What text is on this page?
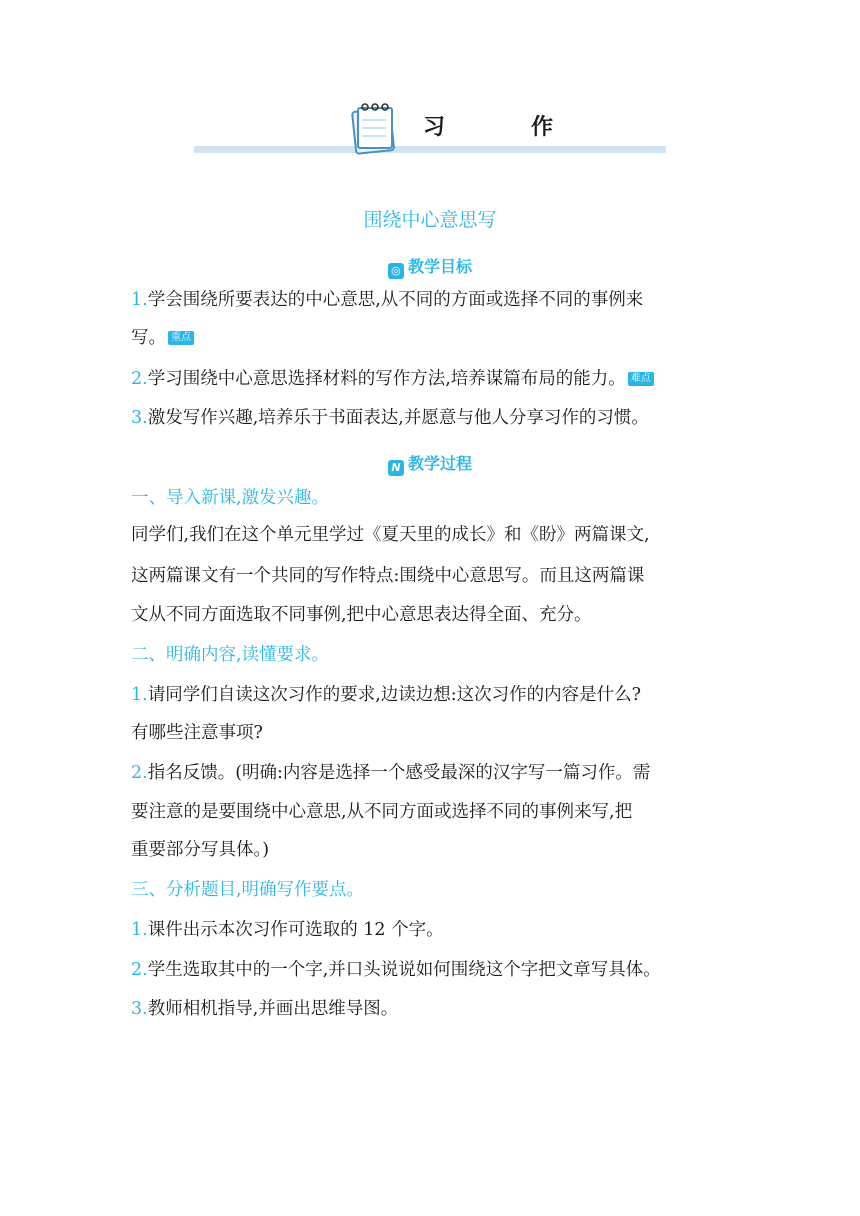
习　作
围绕中心意思写
◎ 教学目标
1.学会围绕所要表达的中心意思,从不同的方面或选择不同的事例来
写。 重点
2.学习围绕中心意思选择材料的写作方法,培养谋篇布局的能力。 难点
3.激发写作兴趣,培养乐于书面表达,并愿意与他人分享习作的习惯。
N 教学过程
一、导入新课,激发兴趣。
同学们,我们在这个单元里学过《夏天里的成长》和《盼》两篇课文,
这两篇课文有一个共同的写作特点:围绕中心意思写。而且这两篇课
文从不同方面选取不同事例,把中心意思表达得全面、充分。
二、明确内容,读懂要求。
1.请同学们自读这次习作的要求,边读边想:这次习作的内容是什么?
有哪些注意事项?
2.指名反馈。(明确:内容是选择一个感受最深的汉字写一篇习作。需
要注意的是要围绕中心意思,从不同方面或选择不同的事例来写,把
重要部分写具体。)
三、分析题目,明确写作要点。
1.课件出示本次习作可选取的 12 个字。
2.学生选取其中的一个字,并口头说说如何围绕这个字把文章写具体。
3.教师相机指导,并画出思维导图。
